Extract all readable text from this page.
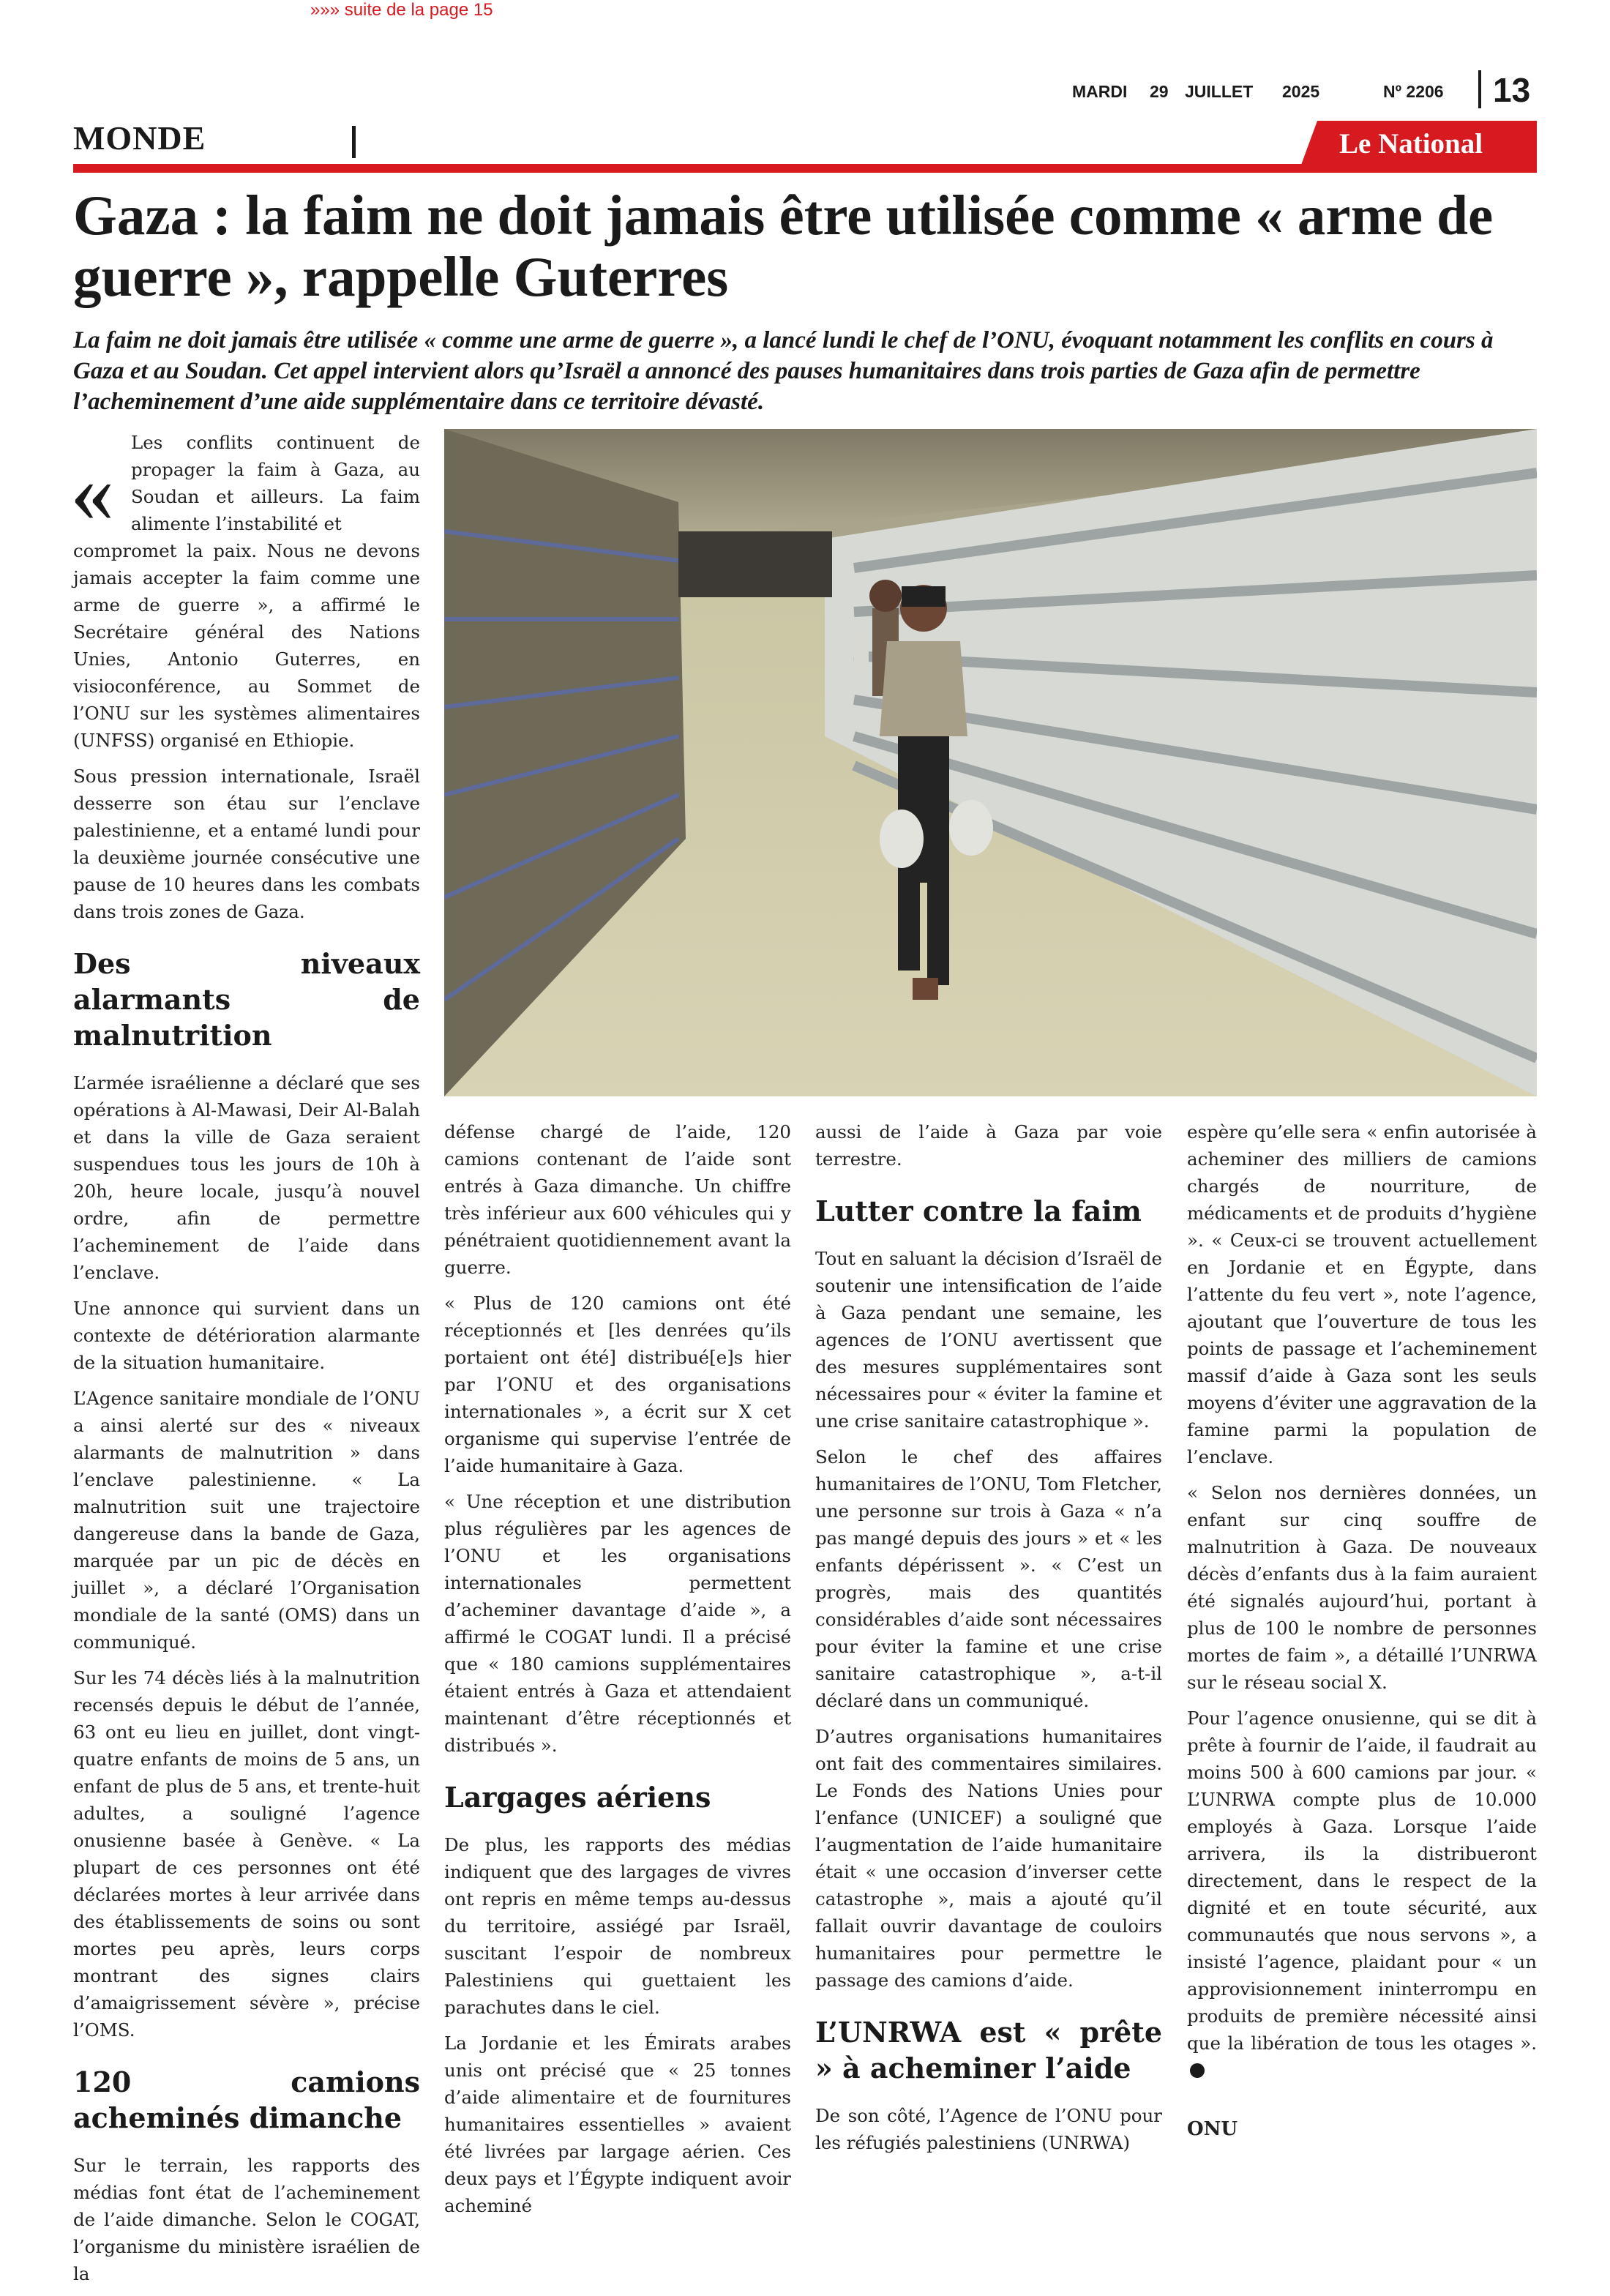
»»» suite de la page 15
MARDI 29 JUILLET 2025	Nº 2206 13
MONDE	Le National
Gaza : la faim ne doit jamais être utilisée comme « arme de guerre », rappelle Guterres

La faim ne doit jamais être utilisée « comme une arme de guerre », a lancé lundi le chef de l’ONU, évoquant notamment les conflits en cours à Gaza et au Soudan. Cet appel intervient alors qu’Israël a annoncé des pauses humanitaires dans trois parties de Gaza afin de permettre l’acheminement d’une aide supplémentaire dans ce territoire dévasté.

«

Les conflits continuent de propager la faim à Gaza, au Soudan et ailleurs. La faim alimente l’instabilité et

compromet la paix. Nous ne devons jamais accepter la faim comme une arme de guerre », a affirmé le Secrétaire général des Nations Unies, Antonio Guterres, en visioconférence, au Sommet de l’ONU sur les systèmes alimentaires (UNFSS) organisé en Ethiopie.

Sous pression internationale, Israël desserre son étau sur l’enclave palestinienne, et a entamé lundi pour la deuxième journée consécutive une pause de 10 heures dans les combats dans trois zones de Gaza.

Des niveaux alarmants de malnutrition

L’armée israélienne a déclaré que ses opérations à Al-Mawasi, Deir Al-Balah et dans la ville de Gaza seraient suspendues tous les jours de 10h à 20h, heure locale, jusqu’à nouvel ordre, afin de permettre l’acheminement de l’aide dans l’enclave.

Une annonce qui survient dans un contexte de détérioration alarmante de la situation humanitaire.

L’Agence sanitaire mondiale de l’ONU a ainsi alerté sur des « niveaux alarmants de malnutrition » dans l’enclave palestinienne. « La malnutrition suit une trajectoire dangereuse dans la bande de Gaza, marquée par un pic de décès en juillet », a déclaré l’Organisation mondiale de la santé (OMS) dans un communiqué.

Sur les 74 décès liés à la malnutrition recensés depuis le début de l’année, 63 ont eu lieu en juillet, dont vingt-quatre enfants de moins de 5 ans, un enfant de plus de 5 ans, et trente-huit adultes, a souligné l’agence onusienne basée à Genève. « La plupart de ces personnes ont été déclarées mortes à leur arrivée dans des établissements de soins ou sont mortes peu après, leurs corps montrant des signes clairs d’amaigrissement sévère », précise l’OMS.

120 camions acheminés dimanche

Sur le terrain, les rapports des médias font état de l’acheminement de l’aide dimanche. Selon le COGAT, l’organisme du ministère israélien de la

défense chargé de l’aide, 120 camions contenant de l’aide sont entrés à Gaza dimanche. Un chiffre très inférieur aux 600 véhicules qui y pénétraient quotidiennement avant la guerre.

« Plus de 120 camions ont été réceptionnés et [les denrées qu’ils portaient ont été] distribué[e]s hier par l’ONU et des organisations internationales », a écrit sur X cet organisme qui supervise l’entrée de l’aide humanitaire à Gaza.

« Une réception et une distribution plus régulières par les agences de l’ONU et les organisations internationales permettent d’acheminer davantage d’aide », a affirmé le COGAT lundi. Il a précisé que « 180 camions supplémentaires étaient entrés à Gaza et attendaient maintenant d’être réceptionnés et distribués ».

Largages aériens

De plus, les rapports des médias indiquent que des largages de vivres ont repris en même temps au-dessus du territoire, assiégé par Israël, suscitant l’espoir de nombreux Palestiniens qui guettaient les parachutes dans le ciel.

La Jordanie et les Émirats arabes unis ont précisé que « 25 tonnes d’aide alimentaire et de fournitures humanitaires essentielles » avaient été livrées par largage aérien. Ces deux pays et l’Égypte indiquent avoir acheminé

aussi de l’aide à Gaza par voie terrestre.

Lutter contre la faim

Tout en saluant la décision d’Israël de soutenir une intensification de l’aide à Gaza pendant une semaine, les agences de l’ONU avertissent que des mesures supplémentaires sont nécessaires pour « éviter la famine et une crise sanitaire catastrophique ».

Selon le chef des affaires humanitaires de l’ONU, Tom Fletcher, une personne sur trois à Gaza « n’a pas mangé depuis des jours » et « les enfants dépérissent ». « C’est un progrès, mais des quantités considérables d’aide sont nécessaires pour éviter la famine et une crise sanitaire catastrophique », a-t-il déclaré dans un communiqué.

D’autres organisations humanitaires ont fait des commentaires similaires. Le Fonds des Nations Unies pour l’enfance (UNICEF) a souligné que l’augmentation de l’aide humanitaire était « une occasion d’inverser cette catastrophe », mais a ajouté qu’il fallait ouvrir davantage de couloirs humanitaires pour permettre le passage des camions d’aide.

L’UNRWA est « prête » à acheminer l’aide

De son côté, l’Agence de l’ONU pour les réfugiés palestiniens (UNRWA)

espère qu’elle sera « enfin autorisée à acheminer des milliers de camions chargés de nourriture, de médicaments et de produits d’hygiène ». « Ceux-ci se trouvent actuellement en Jordanie et en Égypte, dans l’attente du feu vert », note l’agence, ajoutant que l’ouverture de tous les points de passage et l’acheminement massif d’aide à Gaza sont les seuls moyens d’éviter une aggravation de la famine parmi la population de l’enclave.

« Selon nos dernières données, un enfant sur cinq souffre de malnutrition à Gaza. De nouveaux décès d’enfants dus à la faim auraient été signalés aujourd’hui, portant à plus de 100 le nombre de personnes mortes de faim », a détaillé l’UNRWA sur le réseau social X.

Pour l’agence onusienne, qui se dit à prête à fournir de l’aide, il faudrait au moins 500 à 600 camions par jour. « L’UNRWA compte plus de 10.000 employés à Gaza. Lorsque l’aide arrivera, ils la distribueront directement, dans le respect de la dignité et en toute sécurité, aux communautés que nous servons », a insisté l’agence, plaidant pour « un approvisionnement ininterrompu en produits de première nécessité ainsi que la libération de tous les otages ».

ONU
